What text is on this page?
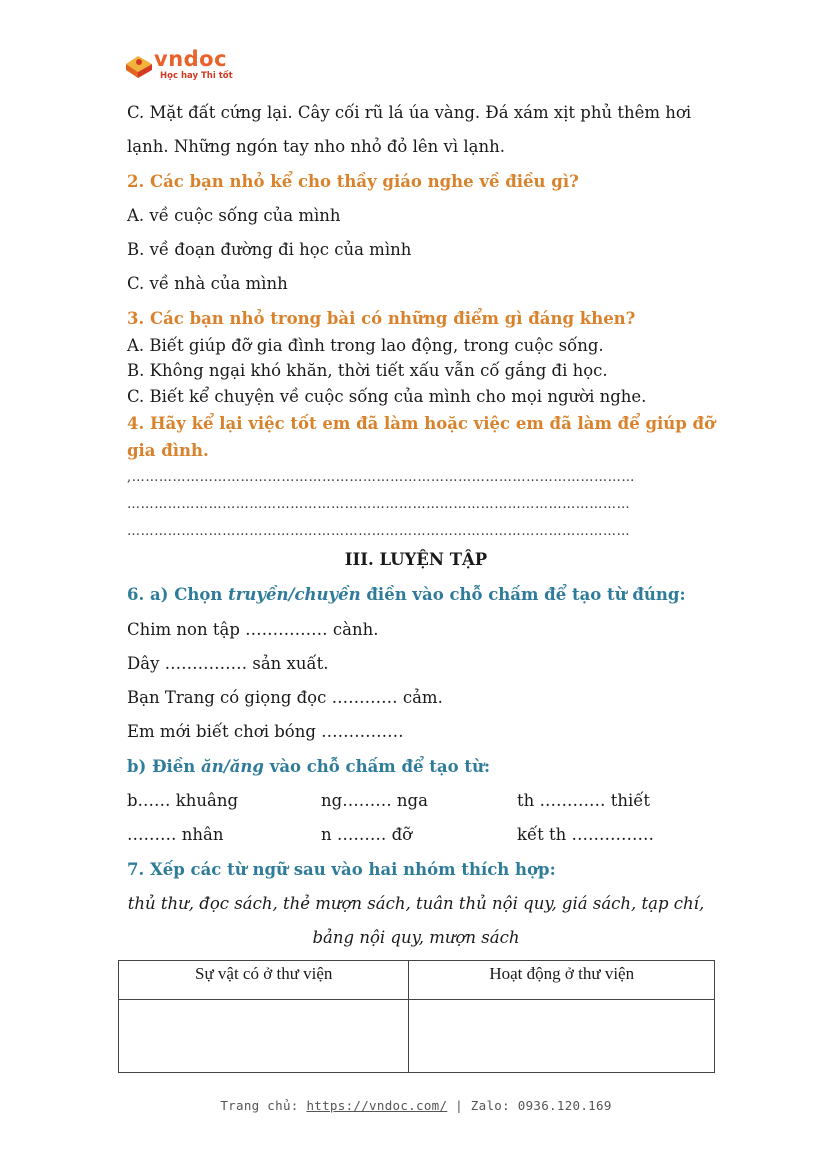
vndoc
Học hay Thi tốt
C. Mặt đất cứng lại. Cây cối rũ lá úa vàng. Đá xám xịt phủ thêm hơi
lạnh. Những ngón tay nho nhỏ đỏ lên vì lạnh.
2. Các bạn nhỏ kể cho thầy giáo nghe về điều gì?
A. về cuộc sống của mình
B. về đoạn đường đi học của mình
C. về nhà của mình
3. Các bạn nhỏ trong bài có những điểm gì đáng khen?
A. Biết giúp đỡ gia đình trong lao động, trong cuộc sống.
B. Không ngại khó khăn, thời tiết xấu vẫn cố gắng đi học.
C. Biết kể chuyện về cuộc sống của mình cho mọi người nghe.
4. Hãy kể lại việc tốt em đã làm hoặc việc em đã làm để giúp đỡ
gia đình.
,…………………………………………………………………………………………………
…………………………………………………………………………………………………
…………………………………………………………………………………………………
III. LUYỆN TẬP
6. a) Chọn truyền/chuyền điền vào chỗ chấm để tạo từ đúng:
Chim non tập …………… cành.
Dây …………… sản xuất.
Bạn Trang có giọng đọc ………… cảm.
Em mới biết chơi bóng ……………
b) Điền ăn/ăng vào chỗ chấm để tạo từ:
b…… khuâng	ng……… nga	th ………… thiết
……… nhân	n ……… đỡ	kết th ……………
7. Xếp các từ ngữ sau vào hai nhóm thích hợp:
thủ thư, đọc sách, thẻ mượn sách, tuân thủ nội quy, giá sách, tạp chí,
bảng nội quy, mượn sách
Sự vật có ở thư viện	Hoạt động ở thư viện

Trang chủ: https://vndoc.com/ | Zalo: 0936.120.169
